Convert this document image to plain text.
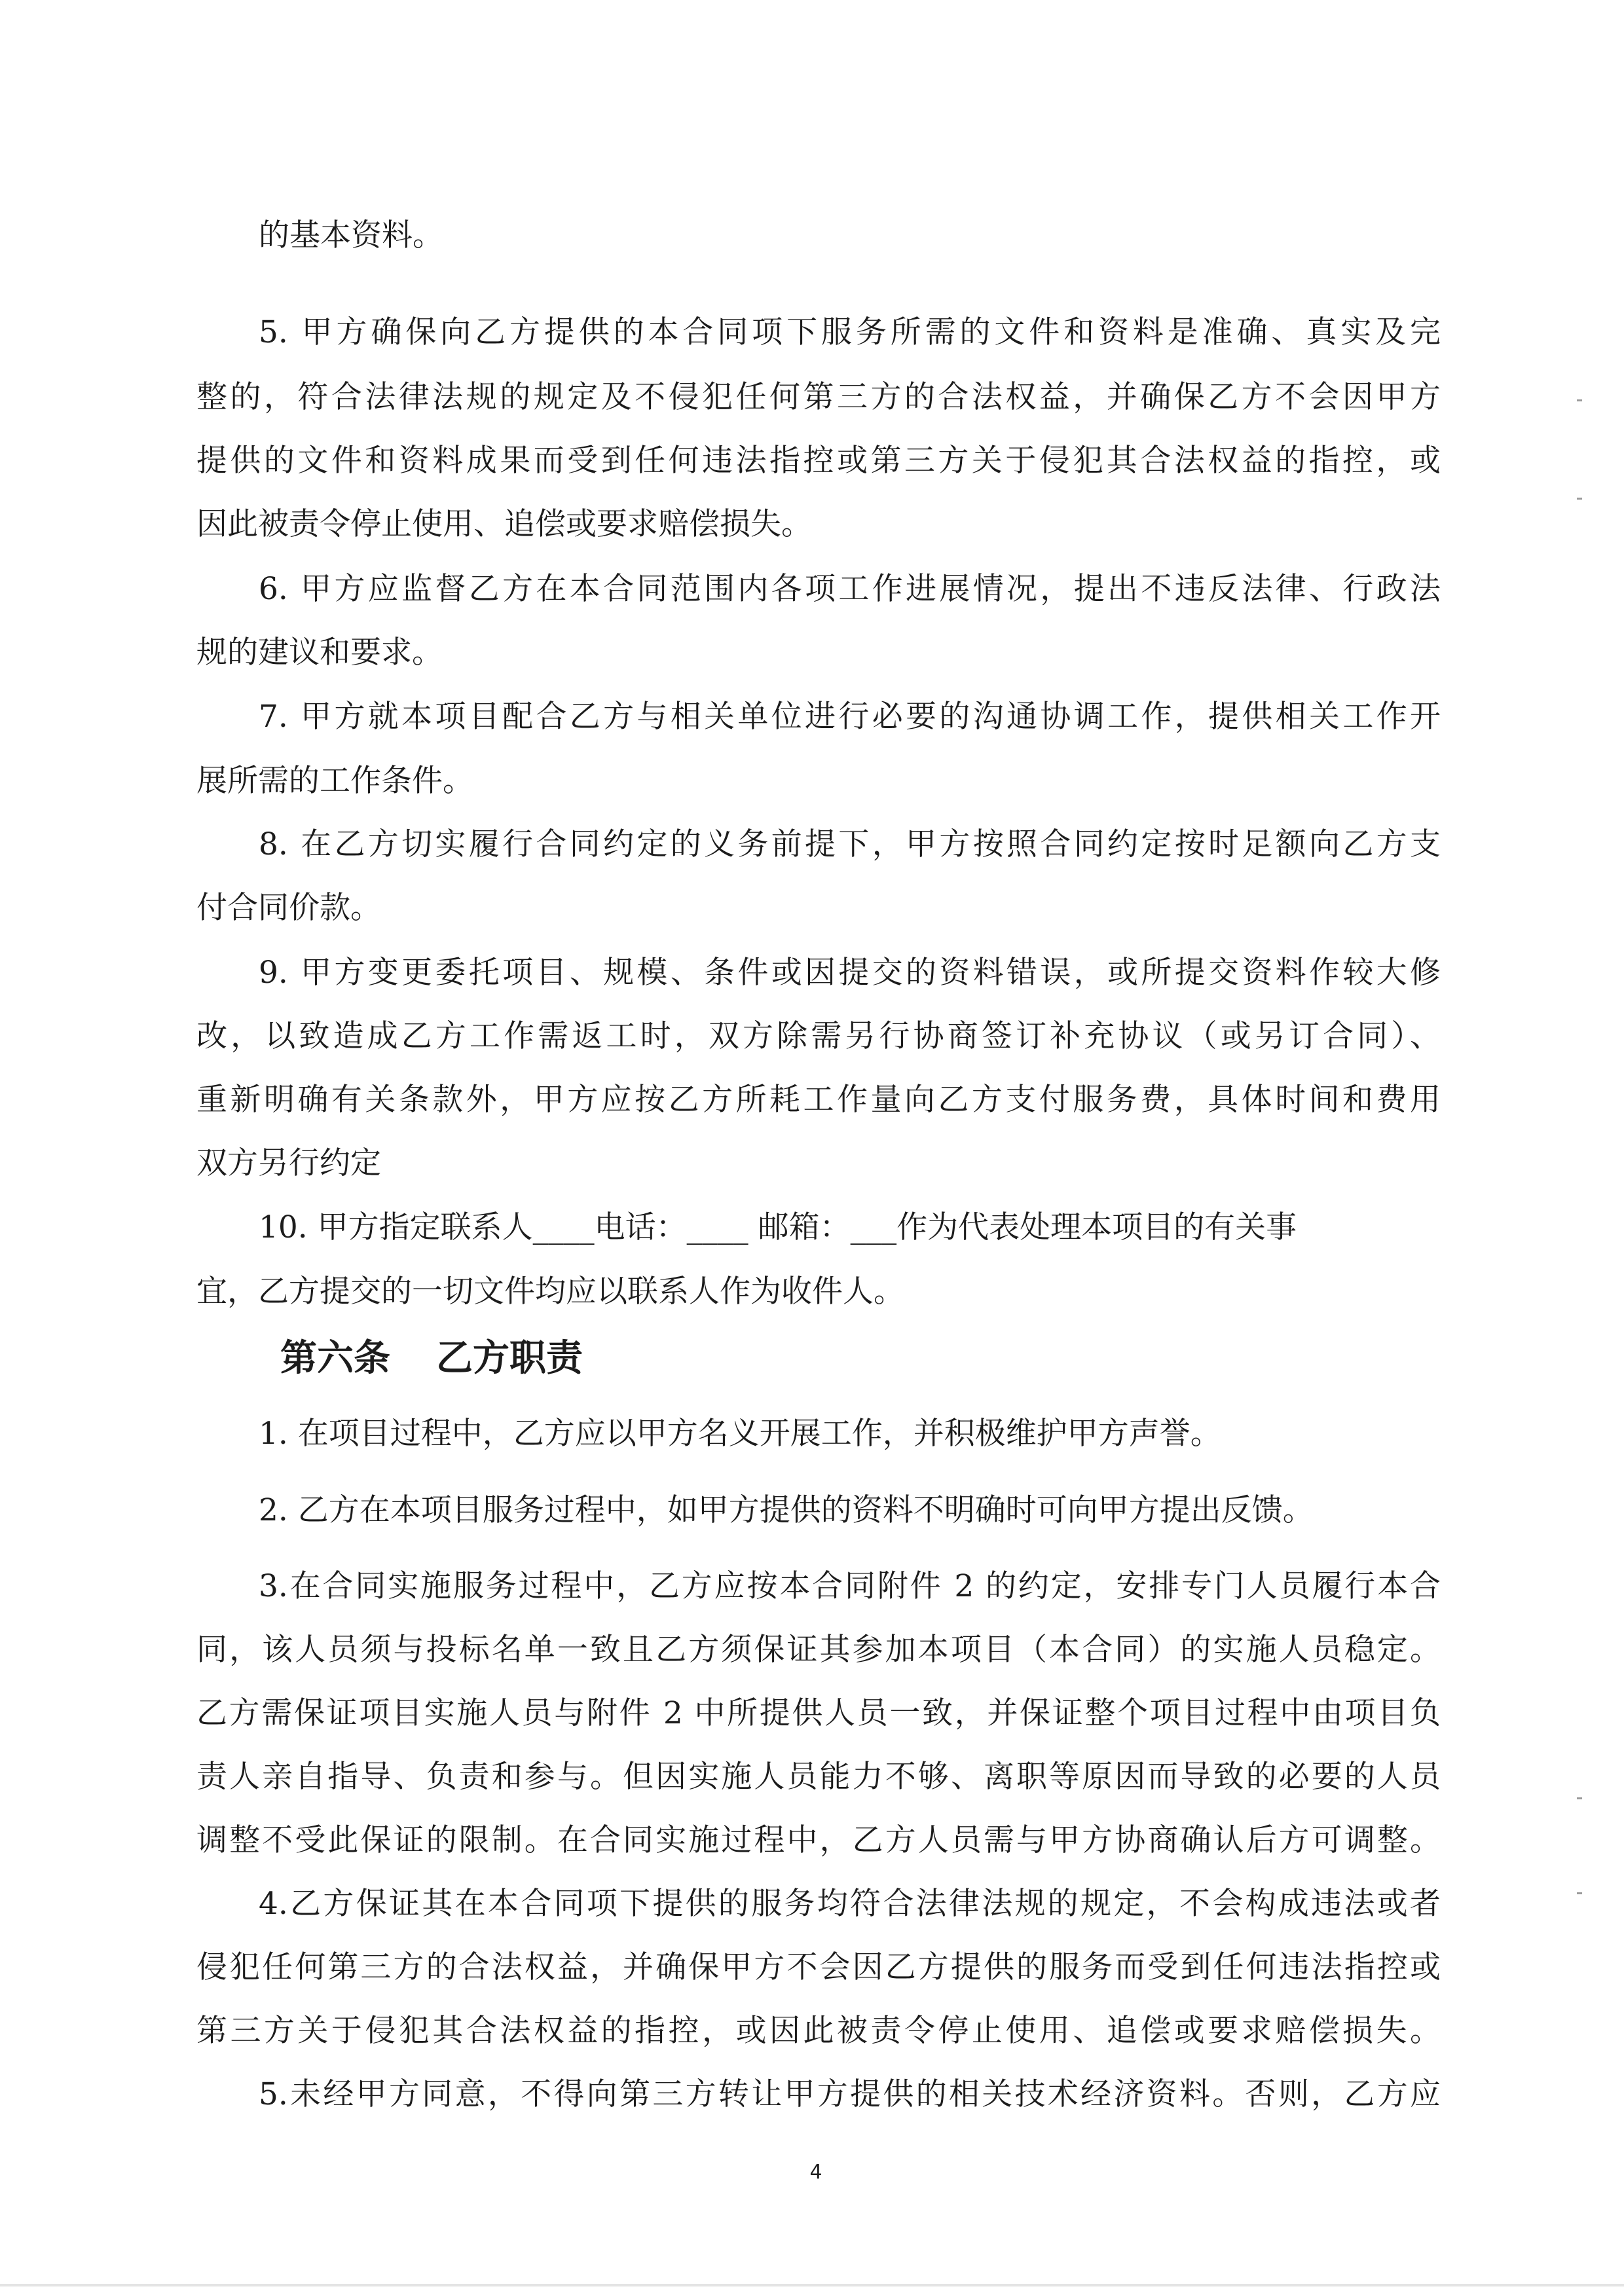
的基本资料。
5. 甲方确保向乙方提供的本合同项下服务所需的文件和资料是准确、真实及完
整的，符合法律法规的规定及不侵犯任何第三方的合法权益，并确保乙方不会因甲方
提供的文件和资料成果而受到任何违法指控或第三方关于侵犯其合法权益的指控，或
因此被责令停止使用、追偿或要求赔偿损失。
6. 甲方应监督乙方在本合同范围内各项工作进展情况，提出不违反法律、行政法
规的建议和要求。
7. 甲方就本项目配合乙方与相关单位进行必要的沟通协调工作，提供相关工作开
展所需的工作条件。
8. 在乙方切实履行合同约定的义务前提下，甲方按照合同约定按时足额向乙方支
付合同价款。
9. 甲方变更委托项目、规模、条件或因提交的资料错误，或所提交资料作较大修
改，以致造成乙方工作需返工时，双方除需另行协商签订补充协议（或另订合同）、
重新明确有关条款外，甲方应按乙方所耗工作量向乙方支付服务费，具体时间和费用
双方另行约定
10. 甲方指定联系人____电话：____ 邮箱：___作为代表处理本项目的有关事
宜，乙方提交的一切文件均应以联系人作为收件人。
第六条 乙方职责
1. 在项目过程中，乙方应以甲方名义开展工作，并积极维护甲方声誉。
2. 乙方在本项目服务过程中，如甲方提供的资料不明确时可向甲方提出反馈。
3.在合同实施服务过程中，乙方应按本合同附件 2 的约定，安排专门人员履行本合
同，该人员须与投标名单一致且乙方须保证其参加本项目（本合同）的实施人员稳定。
乙方需保证项目实施人员与附件 2 中所提供人员一致，并保证整个项目过程中由项目负
责人亲自指导、负责和参与。但因实施人员能力不够、离职等原因而导致的必要的人员
调整不受此保证的限制。在合同实施过程中，乙方人员需与甲方协商确认后方可调整。
4.乙方保证其在本合同项下提供的服务均符合法律法规的规定，不会构成违法或者
侵犯任何第三方的合法权益，并确保甲方不会因乙方提供的服务而受到任何违法指控或
第三方关于侵犯其合法权益的指控，或因此被责令停止使用、追偿或要求赔偿损失。
5.未经甲方同意，不得向第三方转让甲方提供的相关技术经济资料。否则，乙方应
4
